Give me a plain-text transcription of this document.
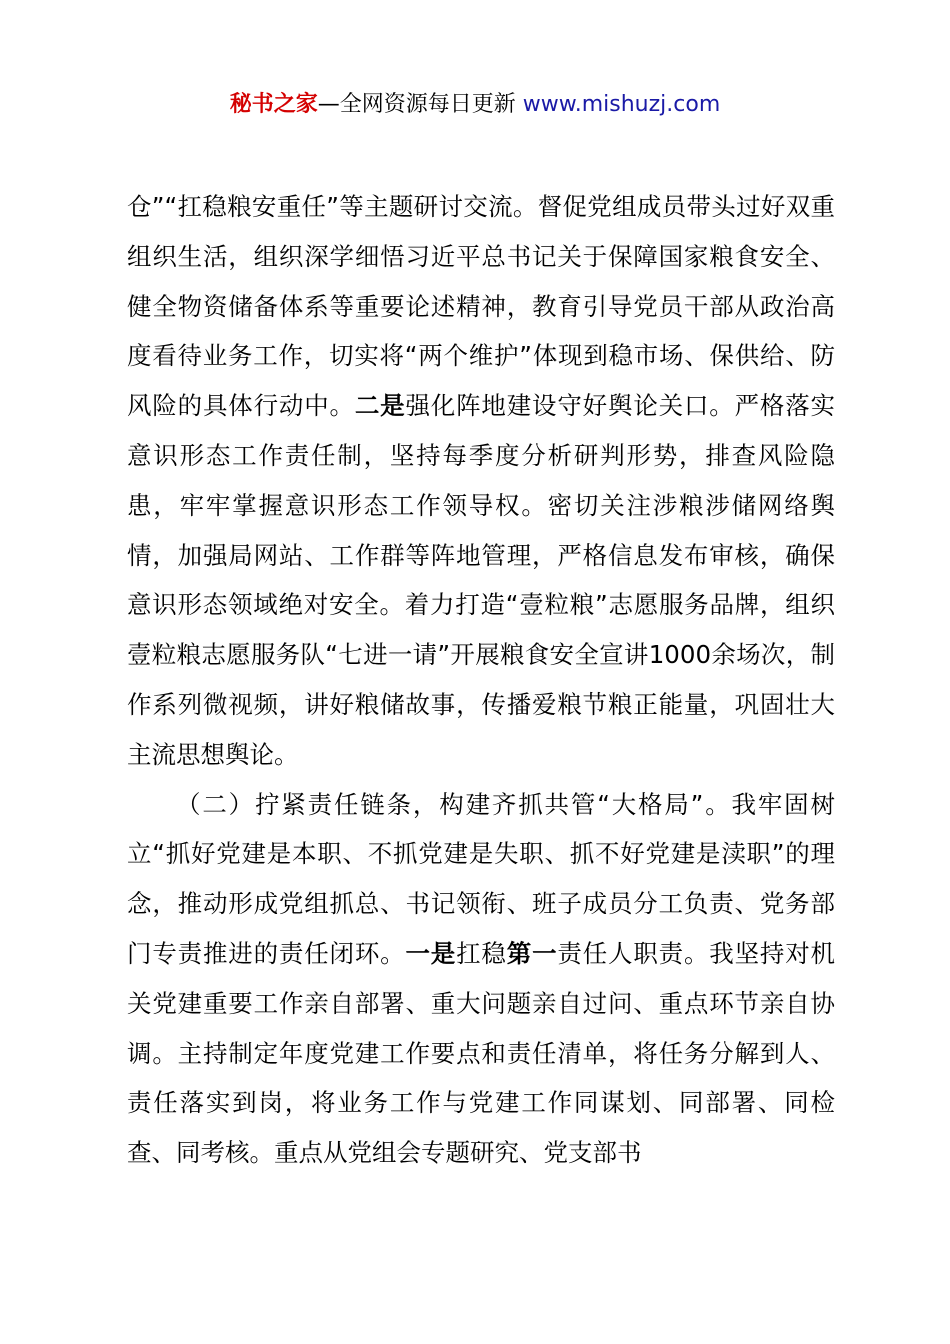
秘书之家—全网资源每日更新 www.mishuzj.com

仓”“扛稳粮安重任”等主题研讨交流。督促党组成员带头过好双重组织生活，组织深学细悟习近平总书记关于保障国家粮食安全、健全物资储备体系等重要论述精神，教育引导党员干部从政治高度看待业务工作，切实将“两个维护”体现到稳市场、保供给、防风险的具体行动中。二是强化阵地建设守好舆论关口。严格落实意识形态工作责任制，坚持每季度分析研判形势，排查风险隐患，牢牢掌握意识形态工作领导权。密切关注涉粮涉储网络舆情，加强局网站、工作群等阵地管理，严格信息发布审核，确保意识形态领域绝对安全。着力打造“壹粒粮”志愿服务品牌，组织壹粒粮志愿服务队“七进一请”开展粮食安全宣讲1000余场次，制作系列微视频，讲好粮储故事，传播爱粮节粮正能量，巩固壮大主流思想舆论。

（二）拧紧责任链条，构建齐抓共管“大格局”。我牢固树立“抓好党建是本职、不抓党建是失职、抓不好党建是渎职”的理念，推动形成党组抓总、书记领衔、班子成员分工负责、党务部门专责推进的责任闭环。一是扛稳第一责任人职责。我坚持对机关党建重要工作亲自部署、重大问题亲自过问、重点环节亲自协调。主持制定年度党建工作要点和责任清单，将任务分解到人、责任落实到岗，将业务工作与党建工作同谋划、同部署、同检查、同考核。重点从党组会专题研究、党支部书
